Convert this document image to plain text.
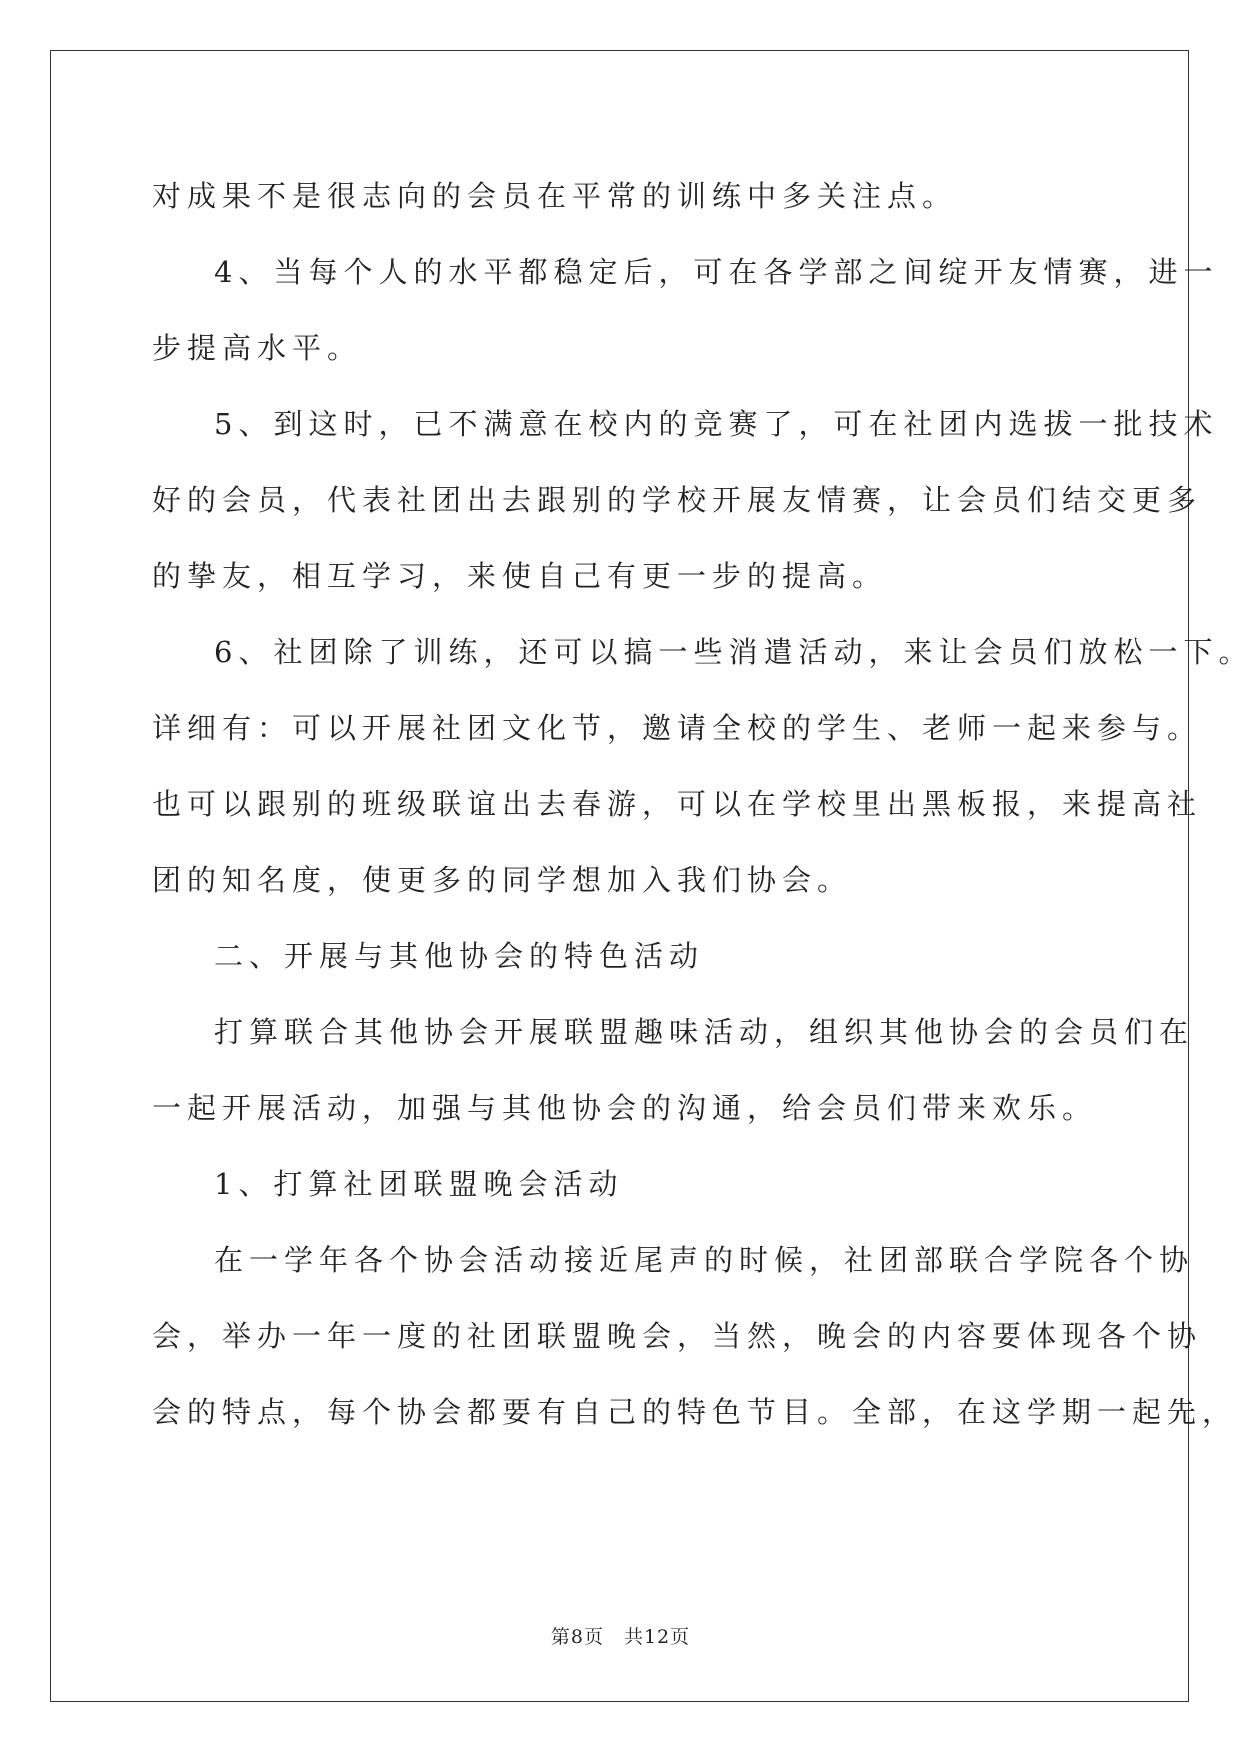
对成果不是很志向的会员在平常的训练中多关注点。
4、当每个人的水平都稳定后，可在各学部之间绽开友情赛，进一
步提高水平。
5、到这时，已不满意在校内的竞赛了，可在社团内选拔一批技术
好的会员，代表社团出去跟别的学校开展友情赛，让会员们结交更多
的挚友，相互学习，来使自己有更一步的提高。
6、社团除了训练，还可以搞一些消遣活动，来让会员们放松一下。
详细有：可以开展社团文化节，邀请全校的学生、老师一起来参与。
也可以跟别的班级联谊出去春游，可以在学校里出黑板报，来提高社
团的知名度，使更多的同学想加入我们协会。
二、开展与其他协会的特色活动
打算联合其他协会开展联盟趣味活动，组织其他协会的会员们在
一起开展活动，加强与其他协会的沟通，给会员们带来欢乐。
1、打算社团联盟晚会活动
在一学年各个协会活动接近尾声的时候，社团部联合学院各个协
会，举办一年一度的社团联盟晚会，当然，晚会的内容要体现各个协
会的特点，每个协会都要有自己的特色节目。全部，在这学期一起先，
第8页　共12页
